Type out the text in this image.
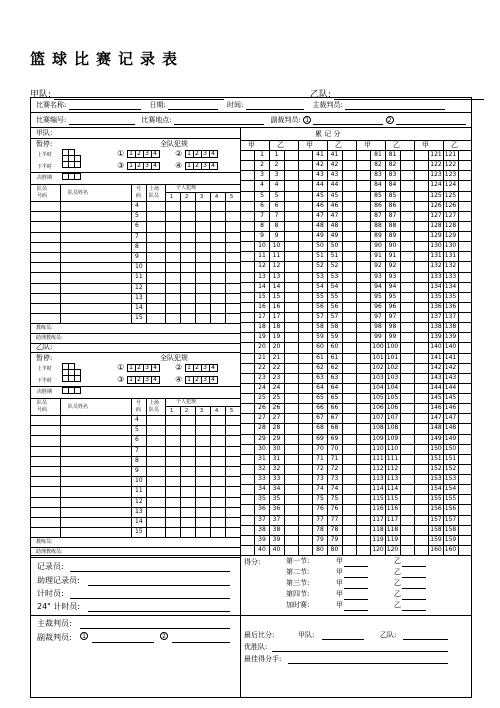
篮球比赛记录表
甲队:	乙队:
比赛名称:	日期:	时间:	主裁判员:
比赛编号:	比赛地点:	副裁判员: 1	2
甲队:
暂停:	全队犯规
上半时
下半时
决胜期

①	1	2	3	4 ②	1	2	3	4
③	1	2	3	4 ④	1	2	3	4
队员
号码	队员姓名
号
码
上场
队员
个人犯规
1 2 3 4 5
4
5
6
7
8
9
10
11
12
13
14
15
教练员:
助理教练员:
乙队:
暂停:	全队犯规
上半时
下半时
决胜期

①	1	2	3	4 ②	1	2	3	4
③	1	2	3	4 ④	1	2	3	4
队员
号码	队员姓名
号
码
上场
队员
个人犯规
1 2 3 4 5
4
5
6
7
8
9
10
11
12
13
14
15
教练员:
助理教练员:
累 记 分
甲	乙	甲	乙	甲	乙	甲	乙
1	1	41	41	81	81	121 121
2	2	42	42	82	82	122 122
3	3	43	43	83	83	123 123
4	4	44	44	84	84	124 124
5	5	45	45	85	85	125 125
6	6	46	46	86	86	126 126
7	7	47	47	87	87	127 127
8	8	48	48	88	88	128 128
9	9	49	49	89	89	129 129
10	10	50	50	90	90	130 130
11	11	51	51	91	91	131 131
12	12	52	52	92	92	132 132
13	13	53	53	93	93	133 133
14	14	54	54	94	94	134 134
15	15	55	55	95	95	135 135
16	16	56	56	96	96	136 136
17	17	57	57	97	97	137 137
18	18	58	58	98	98	138 138
19	19	59	59	99	99	139 139
20	20	60	60	100 100	140 140
21	21	61	61	101 101	141 141
22	22	62	62	102 102	142 142
23	23	63	63	103 103	143 143
24	24	64	64	104 104	144 144
25	25	65	65	105 105	145 145
26	26	66	66	106 106	146 146
27	27	67	67	107 107	147 147
28	28	68	68	108 108	148 148
29	29	69	69	109 109	149 149
30	30	70	70	110 110	150 150
31	31	71	71	111 111	151 151
32	32	72	72	112 112	152 152
33	33	73	73	113 113	153 153
34	34	74	74	114 114	154 154
35	35	75	75	115 115	155 155
36	36	76	76	116 116	156 156
37	37	77	77	117 117	157 157
38	38	78	78	118 118	158 158
39	39	79	79	119 119	159 159
40	40	80	80	120 120	160 160
记录员:
助理记录员:
计时员:
24" 计时员:
主裁判员:
副裁判员:	1	2
得分:	第一节:	甲	乙
第二节:	甲	乙
第三节:	甲	乙
第四节:	甲	乙
加时赛:	甲	乙
最后比分:	甲队:	乙队:
优胜队:
最佳得分手:
